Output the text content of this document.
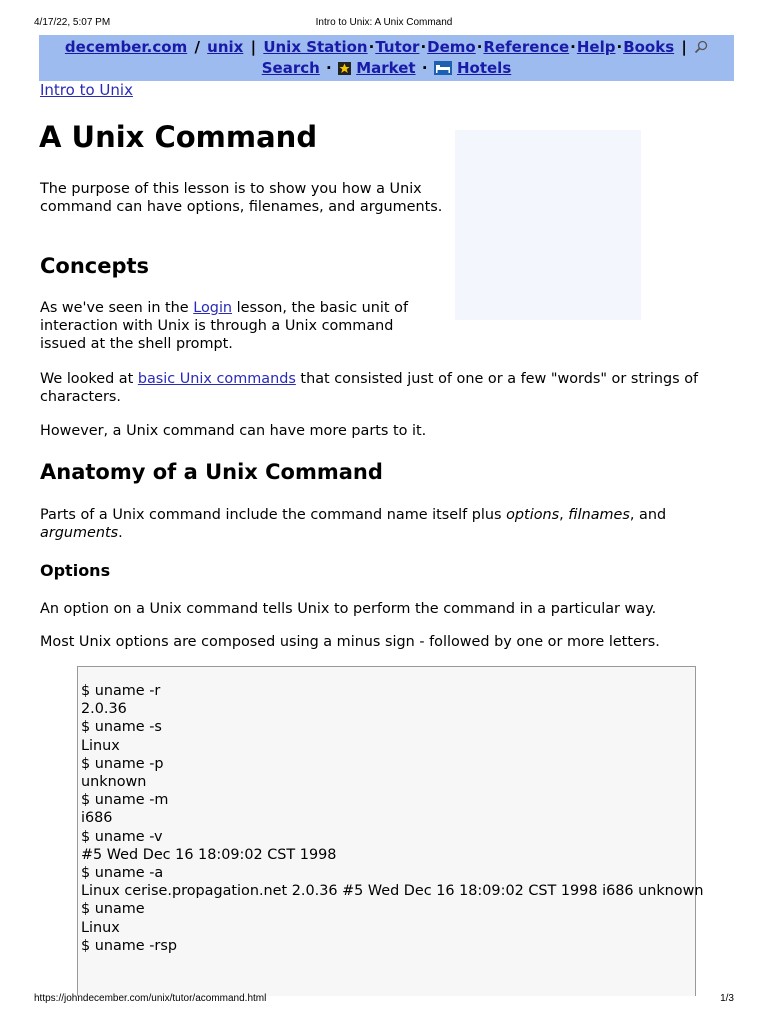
4/17/22, 5:07 PM	Intro to Unix: A Unix Command
december.com / unix | Unix Station·Tutor·Demo·Reference·Help·Books |
Search · Market · Hotels
Intro to Unix
A Unix Command

The purpose of this lesson is to show you how a Unix command can have options, filenames, and arguments.

Concepts

As we've seen in the Login lesson, the basic unit of interaction with Unix is through a Unix command issued at the shell prompt.

We looked at basic Unix commands that consisted just of one or a few "words" or strings of characters.

However, a Unix command can have more parts to it.

Anatomy of a Unix Command

Parts of a Unix command include the command name itself plus options, filnames, and arguments.

Options

An option on a Unix command tells Unix to perform the command in a particular way.

Most Unix options are composed using a minus sign - followed by one or more letters.

$ uname -r
2.0.36
$ uname -s
Linux
$ uname -p
unknown
$ uname -m
i686
$ uname -v
#5 Wed Dec 16 18:09:02 CST 1998
$ uname -a
Linux cerise.propagation.net 2.0.36 #5 Wed Dec 16 18:09:02 CST 1998 i686 unknown
$ uname
Linux
$ uname -rsp
https://johndecember.com/unix/tutor/acommand.html	1/3
